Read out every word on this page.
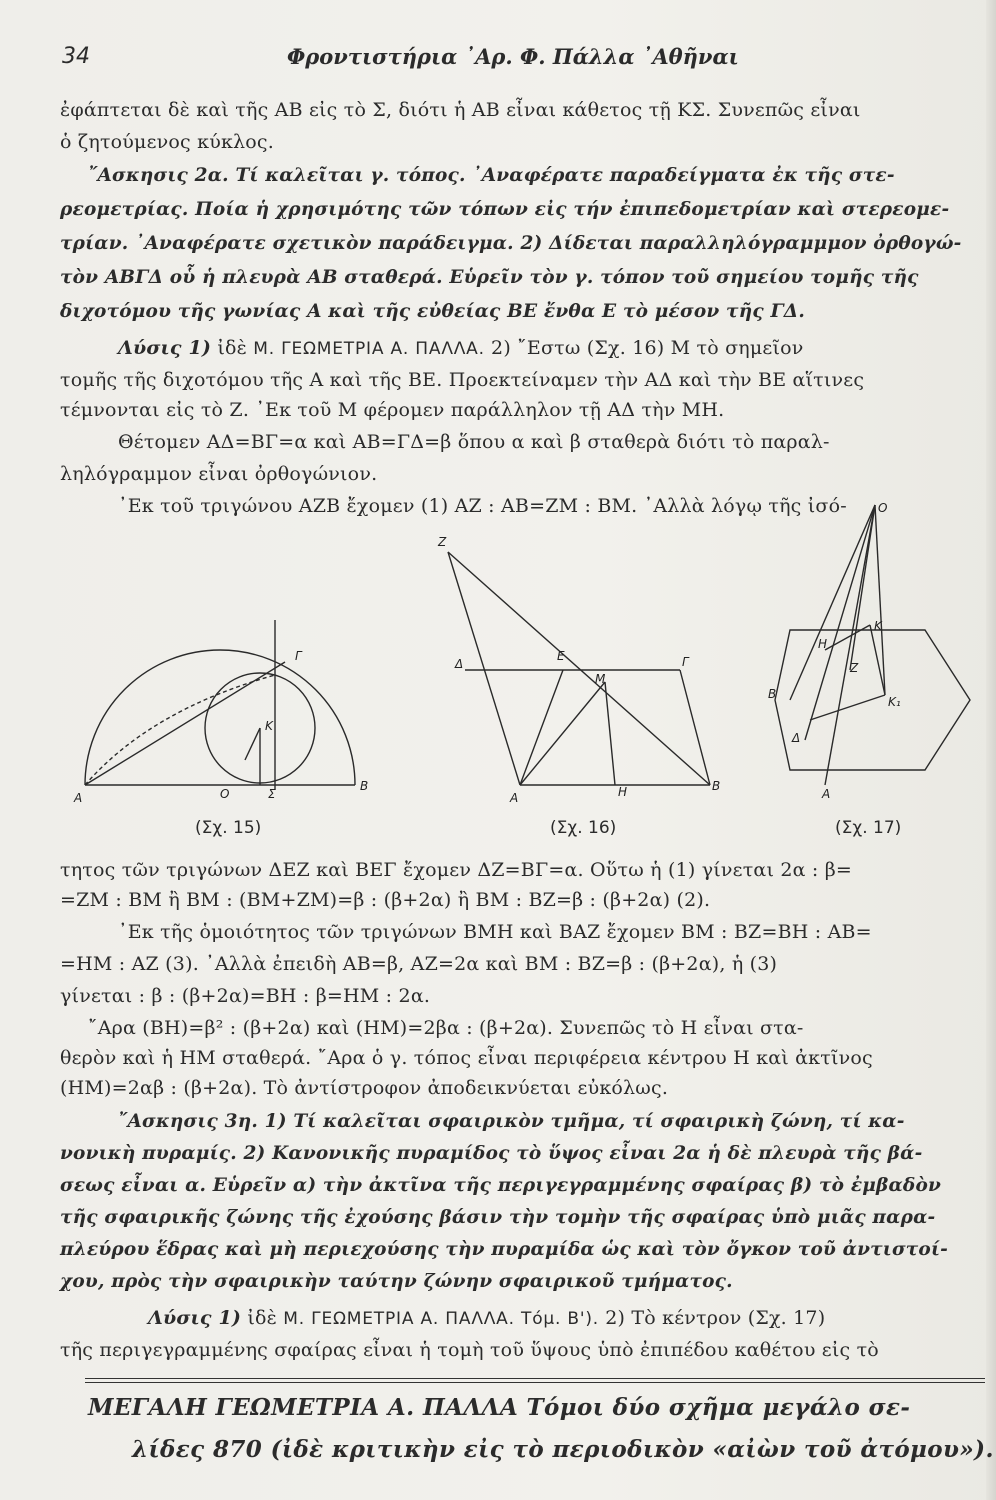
34	Φροντιστήρια ᾽Αρ. Φ. Πάλλα ᾽Αθῆναι
ἐφάπτεται δὲ καὶ τῆς ΑΒ εἰς τὸ Σ, διότι ἡ ΑΒ εἶναι κάθετος τῇ ΚΣ. Συνεπῶς εἶναι
ὁ ζητούμενος κύκλος.
῎Ασκησις 2α. Τί καλεῖται γ. τόπος. ᾽Αναφέρατε παραδείγματα ἐκ τῆς στε-
ρεομετρίας. Ποία ἡ χρησιμότης τῶν τόπων εἰς τήν ἐπιπεδομετρίαν καὶ στερεομε-
τρίαν. ᾽Αναφέρατε σχετικὸν παράδειγμα. 2) Δίδεται παραλληλόγραμμμον ὀρθογώ-
τὸν ΑΒΓΔ οὗ ἡ πλευρὰ ΑΒ σταθερά. Εὑρεῖν τὸν γ. τόπον τοῦ σημείου τομῆς τῆς
διχοτόμου τῆς γωνίας Α καὶ τῆς εὐθείας ΒΕ ἔνθα Ε τὸ μέσον τῆς ΓΔ.
Λύσις 1) ἰδὲ Μ. ΓΕΩΜΕΤΡΙΑ Α. ΠΑΛΛΑ. 2) ῎Εστω (Σχ. 16) Μ τὸ σημεῖον
τομῆς τῆς διχοτόμου τῆς Α καὶ τῆς ΒΕ. Προεκτείναμεν τὴν ΑΔ καὶ τὴν ΒΕ αἵτινες
τέμνονται εἰς τὸ Ζ. ᾽Εκ τοῦ Μ φέρομεν παράλληλον τῇ ΑΔ τὴν ΜΗ.
Θέτομεν ΑΔ=ΒΓ=α καὶ ΑΒ=ΓΔ=β ὅπου α καὶ β σταθερὰ διότι τὸ παραλ-
ληλόγραμμον εἶναι ὀρθογώνιον.
᾽Εκ τοῦ τριγώνου ΑΖΒ ἔχομεν (1) ΑΖ : ΑΒ=ΖΜ : ΒΜ. ᾽Αλλὰ λόγῳ τῆς ἰσό-
Α
Β
Γ
Κ
Ο	Σ
Ζ
Δ
Ε	Γ
Μ
Α	Η	Β
Ο
Η
Κ
Ζ
Β
Κ₁
Δ
Α
(Σχ. 15)	(Σχ. 16)	(Σχ. 17)
τητος τῶν τριγώνων ΔΕΖ καὶ ΒΕΓ ἔχομεν ΔΖ=ΒΓ=α. Οὕτω ἡ (1) γίνεται 2α : β=
=ΖΜ : ΒΜ ἢ ΒΜ : (ΒΜ+ΖΜ)=β : (β+2α) ἢ ΒΜ : ΒΖ=β : (β+2α) (2).
᾽Εκ τῆς ὁμοιότητος τῶν τριγώνων ΒΜΗ καὶ ΒΑΖ ἔχομεν ΒΜ : ΒΖ=ΒΗ : ΑΒ=
=ΗΜ : ΑΖ (3). ᾽Αλλὰ ἐπειδὴ ΑΒ=β, ΑΖ=2α καὶ ΒΜ : ΒΖ=β : (β+2α), ἡ (3)
γίνεται : β : (β+2α)=ΒΗ : β=ΗΜ : 2α.
῎Αρα (ΒΗ)=β² : (β+2α) καὶ (ΗΜ)=2βα : (β+2α). Συνεπῶς τὸ Η εἶναι στα-
θερὸν καὶ ἡ ΗΜ σταθερά. ῎Αρα ὁ γ. τόπος εἶναι περιφέρεια κέντρου Η καὶ ἀκτῖνος
(ΗΜ)=2αβ : (β+2α). Τὸ ἀντίστροφον ἀποδεικνύεται εὐκόλως.
῎Ασκησις 3η. 1) Τί καλεῖται σφαιρικὸν τμῆμα, τί σφαιρικὴ ζώνη, τί κα-
νονικὴ πυραμίς. 2) Κανονικῆς πυραμίδος τὸ ὕψος εἶναι 2α ἡ δὲ πλευρὰ τῆς βά-
σεως εἶναι α. Εὑρεῖν α) τὴν ἀκτῖνα τῆς περιγεγραμμένης σφαίρας β) τὸ ἐμβαδὸν
τῆς σφαιρικῆς ζώνης τῆς ἐχούσης βάσιν τὴν τομὴν τῆς σφαίρας ὑπὸ μιᾶς παρα-
πλεύρου ἕδρας καὶ μὴ περιεχούσης τὴν πυραμίδα ὡς καὶ τὸν ὄγκον τοῦ ἀντιστοί-
χου, πρὸς τὴν σφαιρικὴν ταύτην ζώνην σφαιρικοῦ τμήματος.
Λύσις 1) ἰδὲ Μ. ΓΕΩΜΕΤΡΙΑ Α. ΠΑΛΛΑ. Τόμ. Β'). 2) Τὸ κέντρον (Σχ. 17)
τῆς περιγεγραμμένης σφαίρας εἶναι ἡ τομὴ τοῦ ὕψους ὑπὸ ἐπιπέδου καθέτου εἰς τὸ
ΜΕΓΑΛΗ ΓΕΩΜΕΤΡΙΑ Α. ΠΑΛΛΑ Τόμοι δύο σχῆμα μεγάλο σε-
λίδες 870 (ἰδὲ κριτικὴν εἰς τὸ περιοδικὸν «αἰὼν τοῦ ἀτόμου»).
